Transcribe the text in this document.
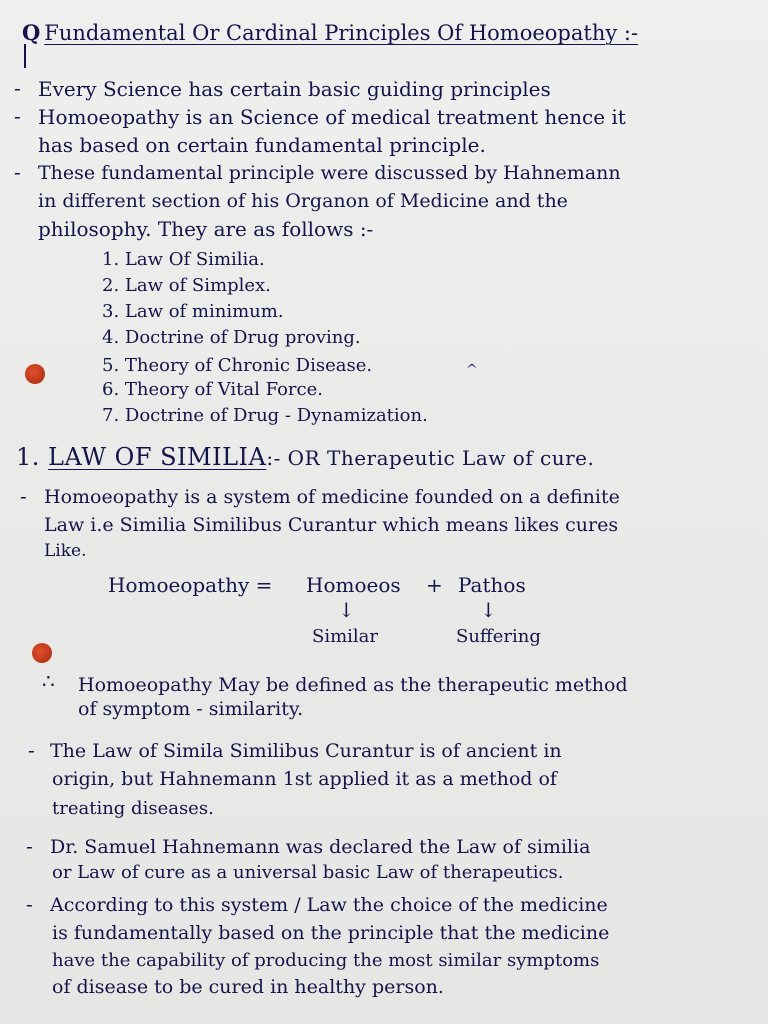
Q Fundamental Or Cardinal Principles Of Homoeopathy :-
- Every Science has certain basic guiding principles
- Homoeopathy is an Science of medical treatment hence it
has based on certain fundamental principle.
- These fundamental principle were discussed by Hahnemann
in different section of his Organon of Medicine and the
philosophy. They are as follows :-
1. Law Of Similia.
2. Law of Simplex.
3. Law of minimum.
4. Doctrine of Drug proving.
5. Theory of Chronic Disease.
6. Theory of Vital Force.
7. Doctrine of Drug - Dynamization.
^
1. LAW OF SIMILIA:- OR Therapeutic Law of cure.
- Homoeopathy is a system of medicine founded on a definite
Law i.e Similia Similibus Curantur which means likes cures
Like.
Homoeopathy = Homoeos + Pathos
↓	↓
Similar	Suffering
∴ Homoeopathy May be defined as the therapeutic method
of symptom - similarity.
- The Law of Simila Similibus Curantur is of ancient in
origin, but Hahnemann 1st applied it as a method of
treating diseases.
- Dr. Samuel Hahnemann was declared the Law of similia
or Law of cure as a universal basic Law of therapeutics.
- According to this system / Law the choice of the medicine
is fundamentally based on the principle that the medicine
have the capability of producing the most similar symptoms
of disease to be cured in healthy person.
